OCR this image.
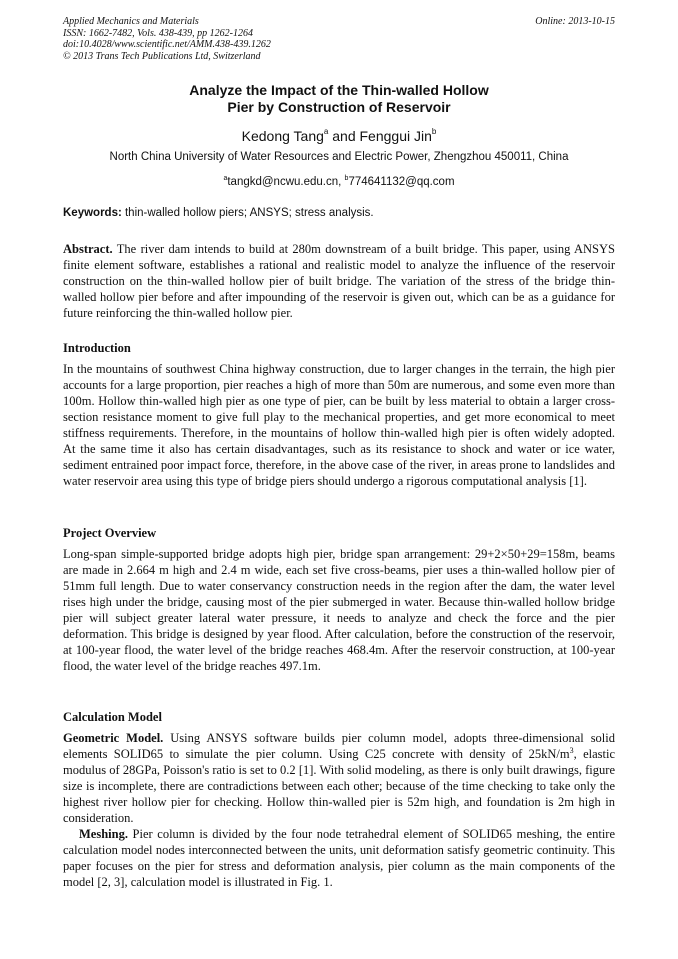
Applied Mechanics and Materials
ISSN: 1662-7482, Vols. 438-439, pp 1262-1264
doi:10.4028/www.scientific.net/AMM.438-439.1262
© 2013 Trans Tech Publications Ltd, Switzerland
Online: 2013-10-15
Analyze the Impact of the Thin-walled Hollow
Pier by Construction of Reservoir
Kedong Tang$^a$ and Fenggui Jin$^b$
North China University of Water Resources and Electric Power, Zhengzhou 450011, China
$^a$tangkd@ncwu.edu.cn, $^b$774641132@qq.com
Keywords: thin-walled hollow piers; ANSYS; stress analysis.

Abstract. The river dam intends to build at 280m downstream of a built bridge. This paper, using ANSYS finite element software, establishes a rational and realistic model to analyze the influence of the reservoir construction on the thin-walled hollow pier of built bridge. The variation of the stress of the bridge thin-walled hollow pier before and after impounding of the reservoir is given out, which can be as a guidance for future reinforcing the thin-walled hollow pier.

Introduction

In the mountains of southwest China highway construction, due to larger changes in the terrain, the high pier accounts for a large proportion, pier reaches a high of more than 50m are numerous, and some even more than 100m. Hollow thin-walled high pier as one type of pier, can be built by less material to obtain a larger cross-section resistance moment to give full play to the mechanical properties, and get more economical to meet stiffness requirements. Therefore, in the mountains of hollow thin-walled high pier is often widely adopted. At the same time it also has certain disadvantages, such as its resistance to shock and water or ice water, sediment entrained poor impact force, therefore, in the above case of the river, in areas prone to landslides and water reservoir area using this type of bridge piers should undergo a rigorous computational analysis [1].

Project Overview

Long-span simple-supported bridge adopts high pier, bridge span arrangement: 29+2×50+29=158m, beams are made in 2.664 m high and 2.4 m wide, each set five cross-beams, pier uses a thin-walled hollow pier of 51mm full length. Due to water conservancy construction needs in the region after the dam, the water level rises high under the bridge, causing most of the pier submerged in water. Because thin-walled hollow bridge pier will subject greater lateral water pressure, it needs to analyze and check the force and the pier deformation. This bridge is designed by year flood. After calculation, before the construction of the reservoir, at 100-year flood, the water level of the bridge reaches 468.4m. After the reservoir construction, at 100-year flood, the water level of the bridge reaches 497.1m.

Calculation Model

Geometric Model. Using ANSYS software builds pier column model, adopts three-dimensional solid elements SOLID65 to simulate the pier column. Using C25 concrete with density of $25kN/m^3$, elastic modulus of 28GPa, Poisson's ratio is set to 0.2 [1]. With solid modeling, as there is only built drawings, figure size is incomplete, there are contradictions between each other; because of the time checking to take only the highest river hollow pier for checking. Hollow thin-walled pier is 52m high, and foundation is 2m high in consideration.

Meshing. Pier column is divided by the four node tetrahedral element of SOLID65 meshing, the entire calculation model nodes interconnected between the units, unit deformation satisfy geometric continuity. This paper focuses on the pier for stress and deformation analysis, pier column as the main components of the model [2, 3], calculation model is illustrated in Fig. 1.
